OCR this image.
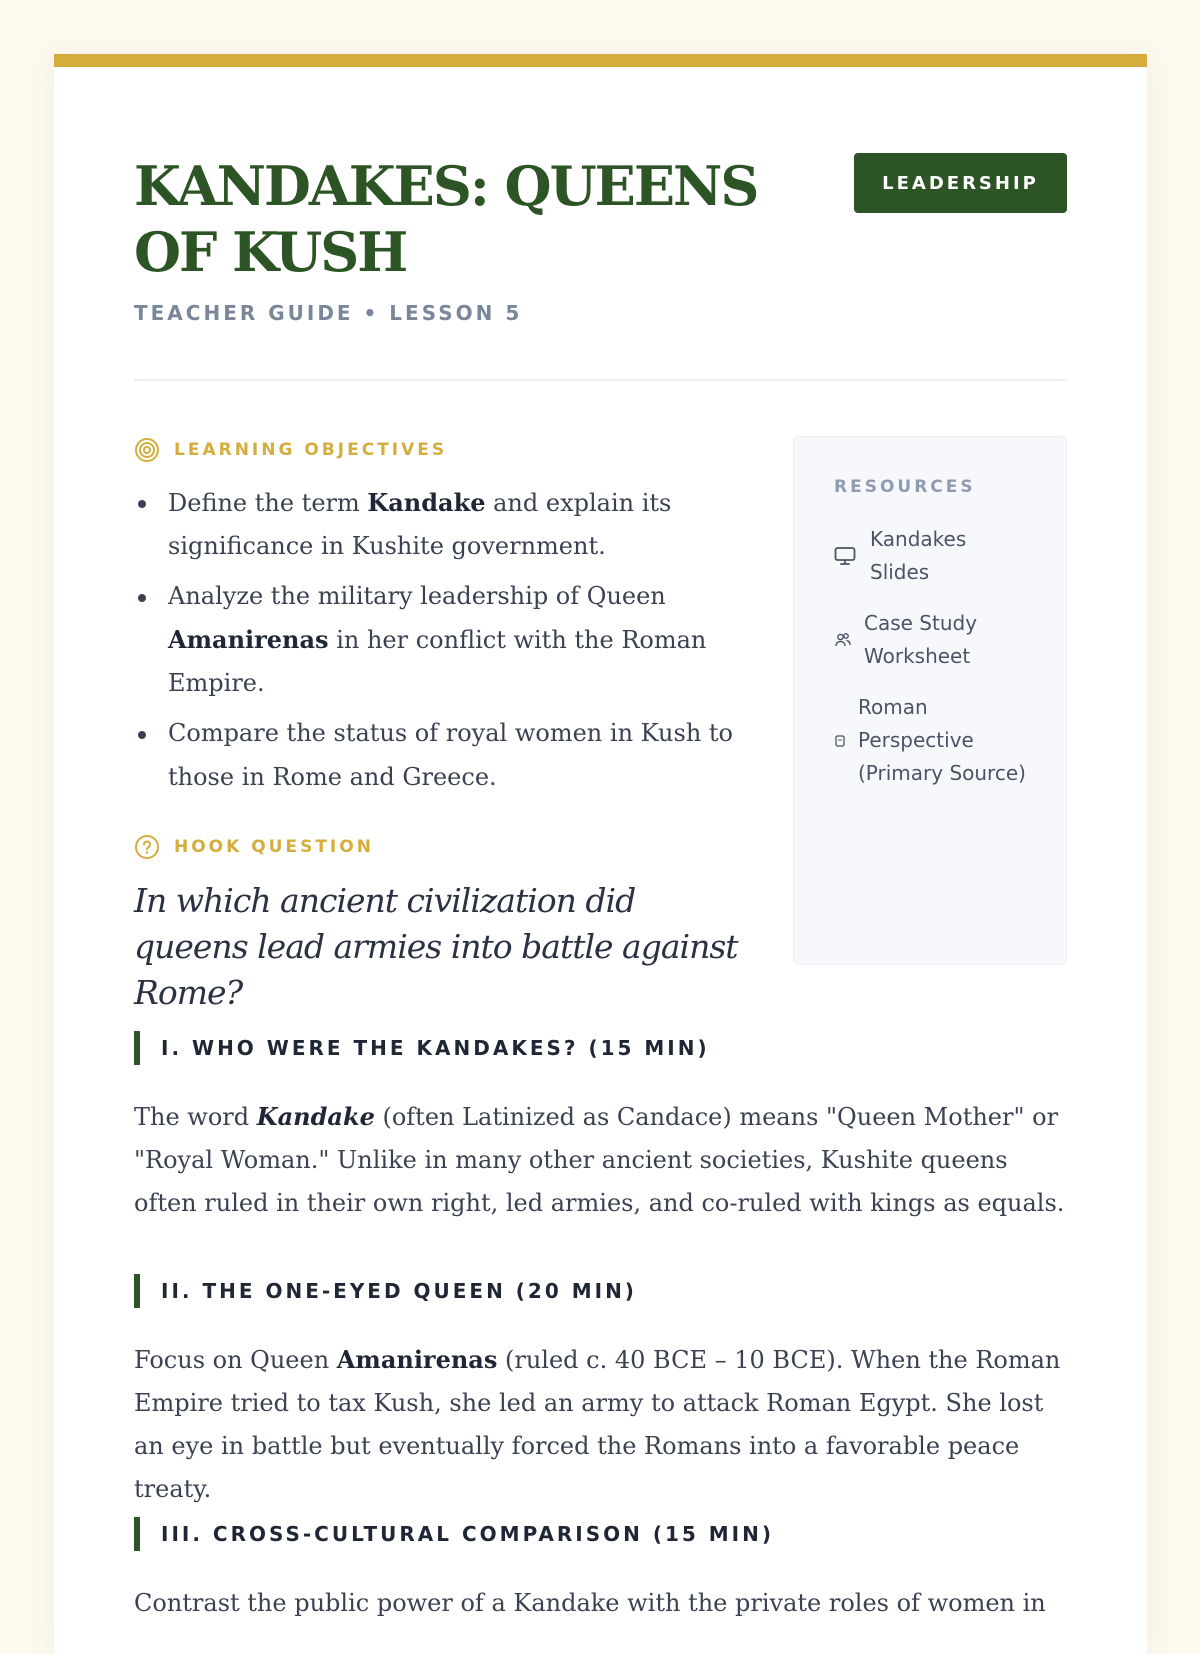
KANDAKES: QUEENS OF KUSH
TEACHER GUIDE • LESSON 5
LEADERSHIP
LEARNING OBJECTIVES
Define the term Kandake and explain its significance in Kushite government.
Analyze the military leadership of Queen Amanirenas in her conflict with the Roman Empire.
Compare the status of royal women in Kush to those in Rome and Greece.
HOOK QUESTION

In which ancient civilization did queens lead armies into battle against Rome?

RESOURCES
Kandakes Slides
Case Study Worksheet
Roman Perspective (Primary Source)
I. WHO WERE THE KANDAKES? (15 MIN)

The word Kandake (often Latinized as Candace) means "Queen Mother" or "Royal Woman." Unlike in many other ancient societies, Kushite queens often ruled in their own right, led armies, and co-ruled with kings as equals.

II. THE ONE-EYED QUEEN (20 MIN)

Focus on Queen Amanirenas (ruled c. 40 BCE – 10 BCE). When the Roman Empire tried to tax Kush, she led an army to attack Roman Egypt. She lost an eye in battle but eventually forced the Romans into a favorable peace treaty.

III. CROSS-CULTURAL COMPARISON (15 MIN)

Contrast the public power of a Kandake with the private roles of women in
